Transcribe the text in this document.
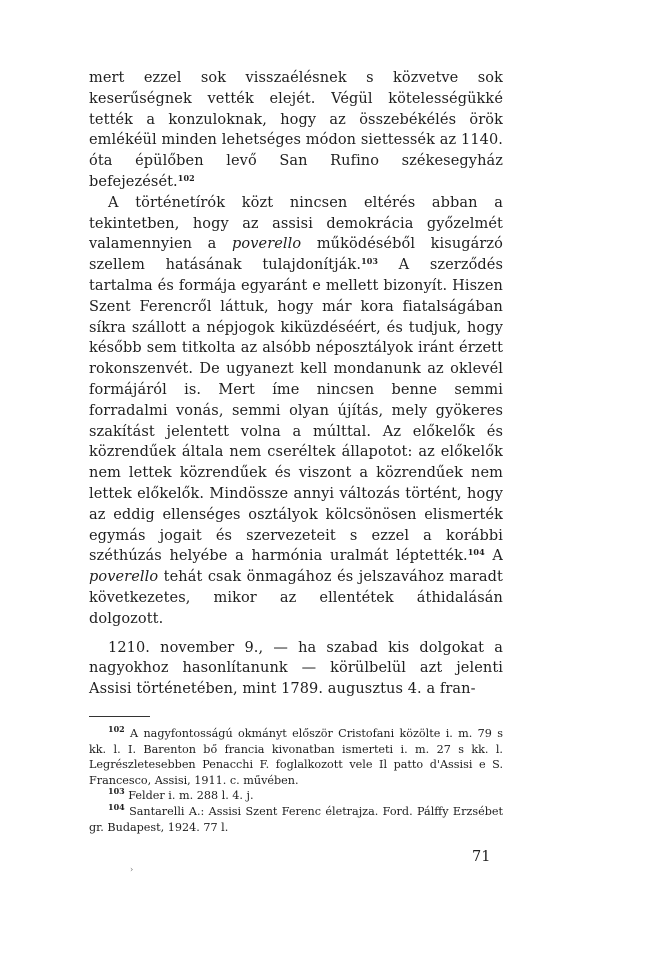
mert ezzel sok visszaélésnek s közvetve sok keserűségnek vették elejét. Végül kötelességükké tették a konzuloknak, hogy az összebékélés örök emlékéül minden lehetséges módon siettessék az 1140. óta épülőben levő San Rufino székesegyház befejezését.$^{102}$

A történetírók közt nincsen eltérés abban a tekintetben, hogy az assisi demokrácia győzelmét valamennyien a poverello működéséből kisugárzó szellem hatásának tulajdonítják.$^{103}$ A szerződés tartalma és formája egyaránt e mellett bizonyít. Hiszen Szent Ferencről láttuk, hogy már kora fiatalságában síkra szállott a népjogok kiküzdéséért, és tudjuk, hogy később sem titkolta az alsóbb néposztályok iránt érzett rokonszenvét. De ugyanezt kell mondanunk az oklevél formájáról is. Mert íme nincsen benne semmi forradalmi vonás, semmi olyan újítás, mely gyökeres szakítást jelentett volna a múlttal. Az előkelők és közrendűek általa nem cseréltek állapotot: az előkelők nem lettek közrendűek és viszont a közrendűek nem lettek előkelők. Mindössze annyi változás történt, hogy az eddig ellenséges osztályok kölcsönösen elismerték egymás jogait és szervezeteit s ezzel a korábbi széthúzás helyébe a harmónia uralmát léptették.$^{104}$ A poverello tehát csak önmagához és jelszavához maradt következetes, mikor az ellentétek áthidalásán dolgozott.

1210. november 9., — ha szabad kis dolgokat a nagyokhoz hasonlítanunk — körülbelül azt jelenti Assisi történetében, mint 1789. augusztus 4. a fran-

$^{102}$ A nagyfontosságú okmányt először Cristofani közölte i. m. 79 s kk. l. I. Barenton bő francia kivonatban ismerteti i. m. 27 s kk. l. Legrészletesebben Penacchi F. foglalkozott vele Il patto d'Assisi e S. Francesco, Assisi, 1911. c. művében.

$^{103}$ Felder i. m. 288 l. 4. j.

$^{104}$ Santarelli A.: Assisi Szent Ferenc életrajza. Ford. Pálffy Erzsébet gr. Budapest, 1924. 77 l.

71
›
